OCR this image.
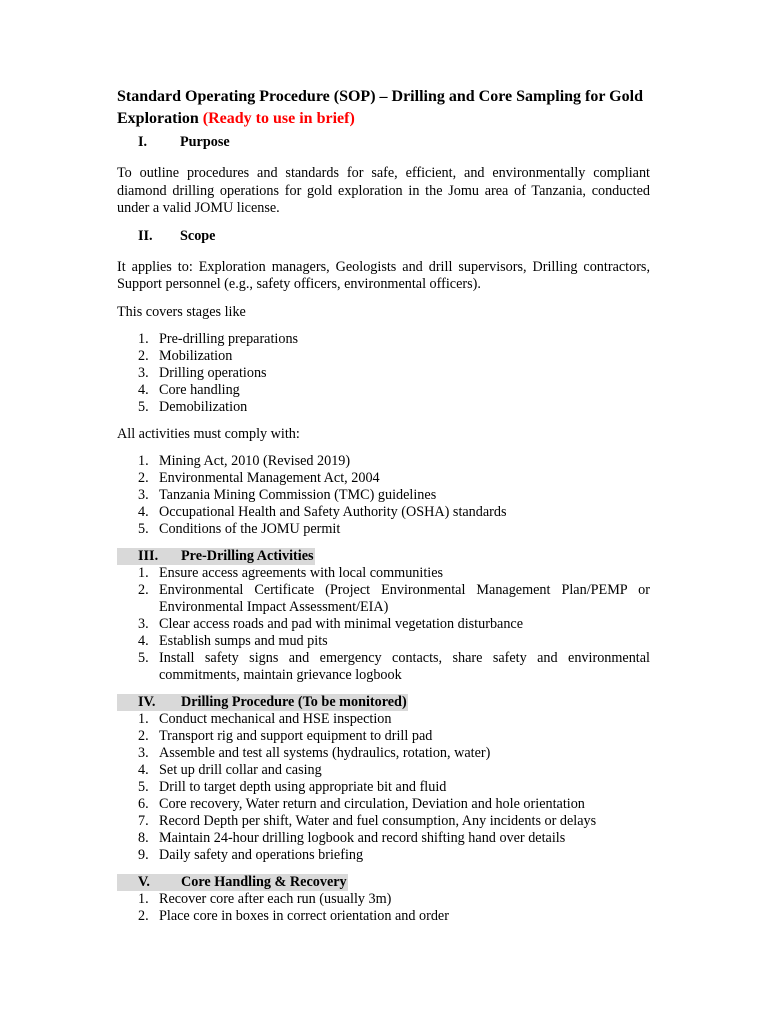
Standard Operating Procedure (SOP) – Drilling and Core Sampling for Gold Exploration (Ready to use in brief)
I.	Purpose

To outline procedures and standards for safe, efficient, and environmentally compliant diamond drilling operations for gold exploration in the Jomu area of Tanzania, conducted under a valid JOMU license.

II.	Scope

It applies to: Exploration managers, Geologists and drill supervisors, Drilling contractors, Support personnel (e.g., safety officers, environmental officers).

This covers stages like

1. Pre-drilling preparations
2. Mobilization
3. Drilling operations
4. Core handling
5. Demobilization

All activities must comply with:

1. Mining Act, 2010 (Revised 2019)
2. Environmental Management Act, 2004
3. Tanzania Mining Commission (TMC) guidelines
4. Occupational Health and Safety Authority (OSHA) standards
5. Conditions of the JOMU permit
III.	Pre-Drilling Activities
1. Ensure access agreements with local communities
2. Environmental Certificate (Project Environmental Management Plan/PEMP or Environmental Impact Assessment/EIA)
3. Clear access roads and pad with minimal vegetation disturbance
4. Establish sumps and mud pits
5. Install safety signs and emergency contacts, share safety and environmental commitments, maintain grievance logbook
IV.	Drilling Procedure (To be monitored)
1. Conduct mechanical and HSE inspection
2. Transport rig and support equipment to drill pad
3. Assemble and test all systems (hydraulics, rotation, water)
4. Set up drill collar and casing
5. Drill to target depth using appropriate bit and fluid
6. Core recovery, Water return and circulation, Deviation and hole orientation
7. Record Depth per shift, Water and fuel consumption, Any incidents or delays
8. Maintain 24-hour drilling logbook and record shifting hand over details
9. Daily safety and operations briefing
V.	Core Handling & Recovery
1. Recover core after each run (usually 3m)
2. Place core in boxes in correct orientation and order
